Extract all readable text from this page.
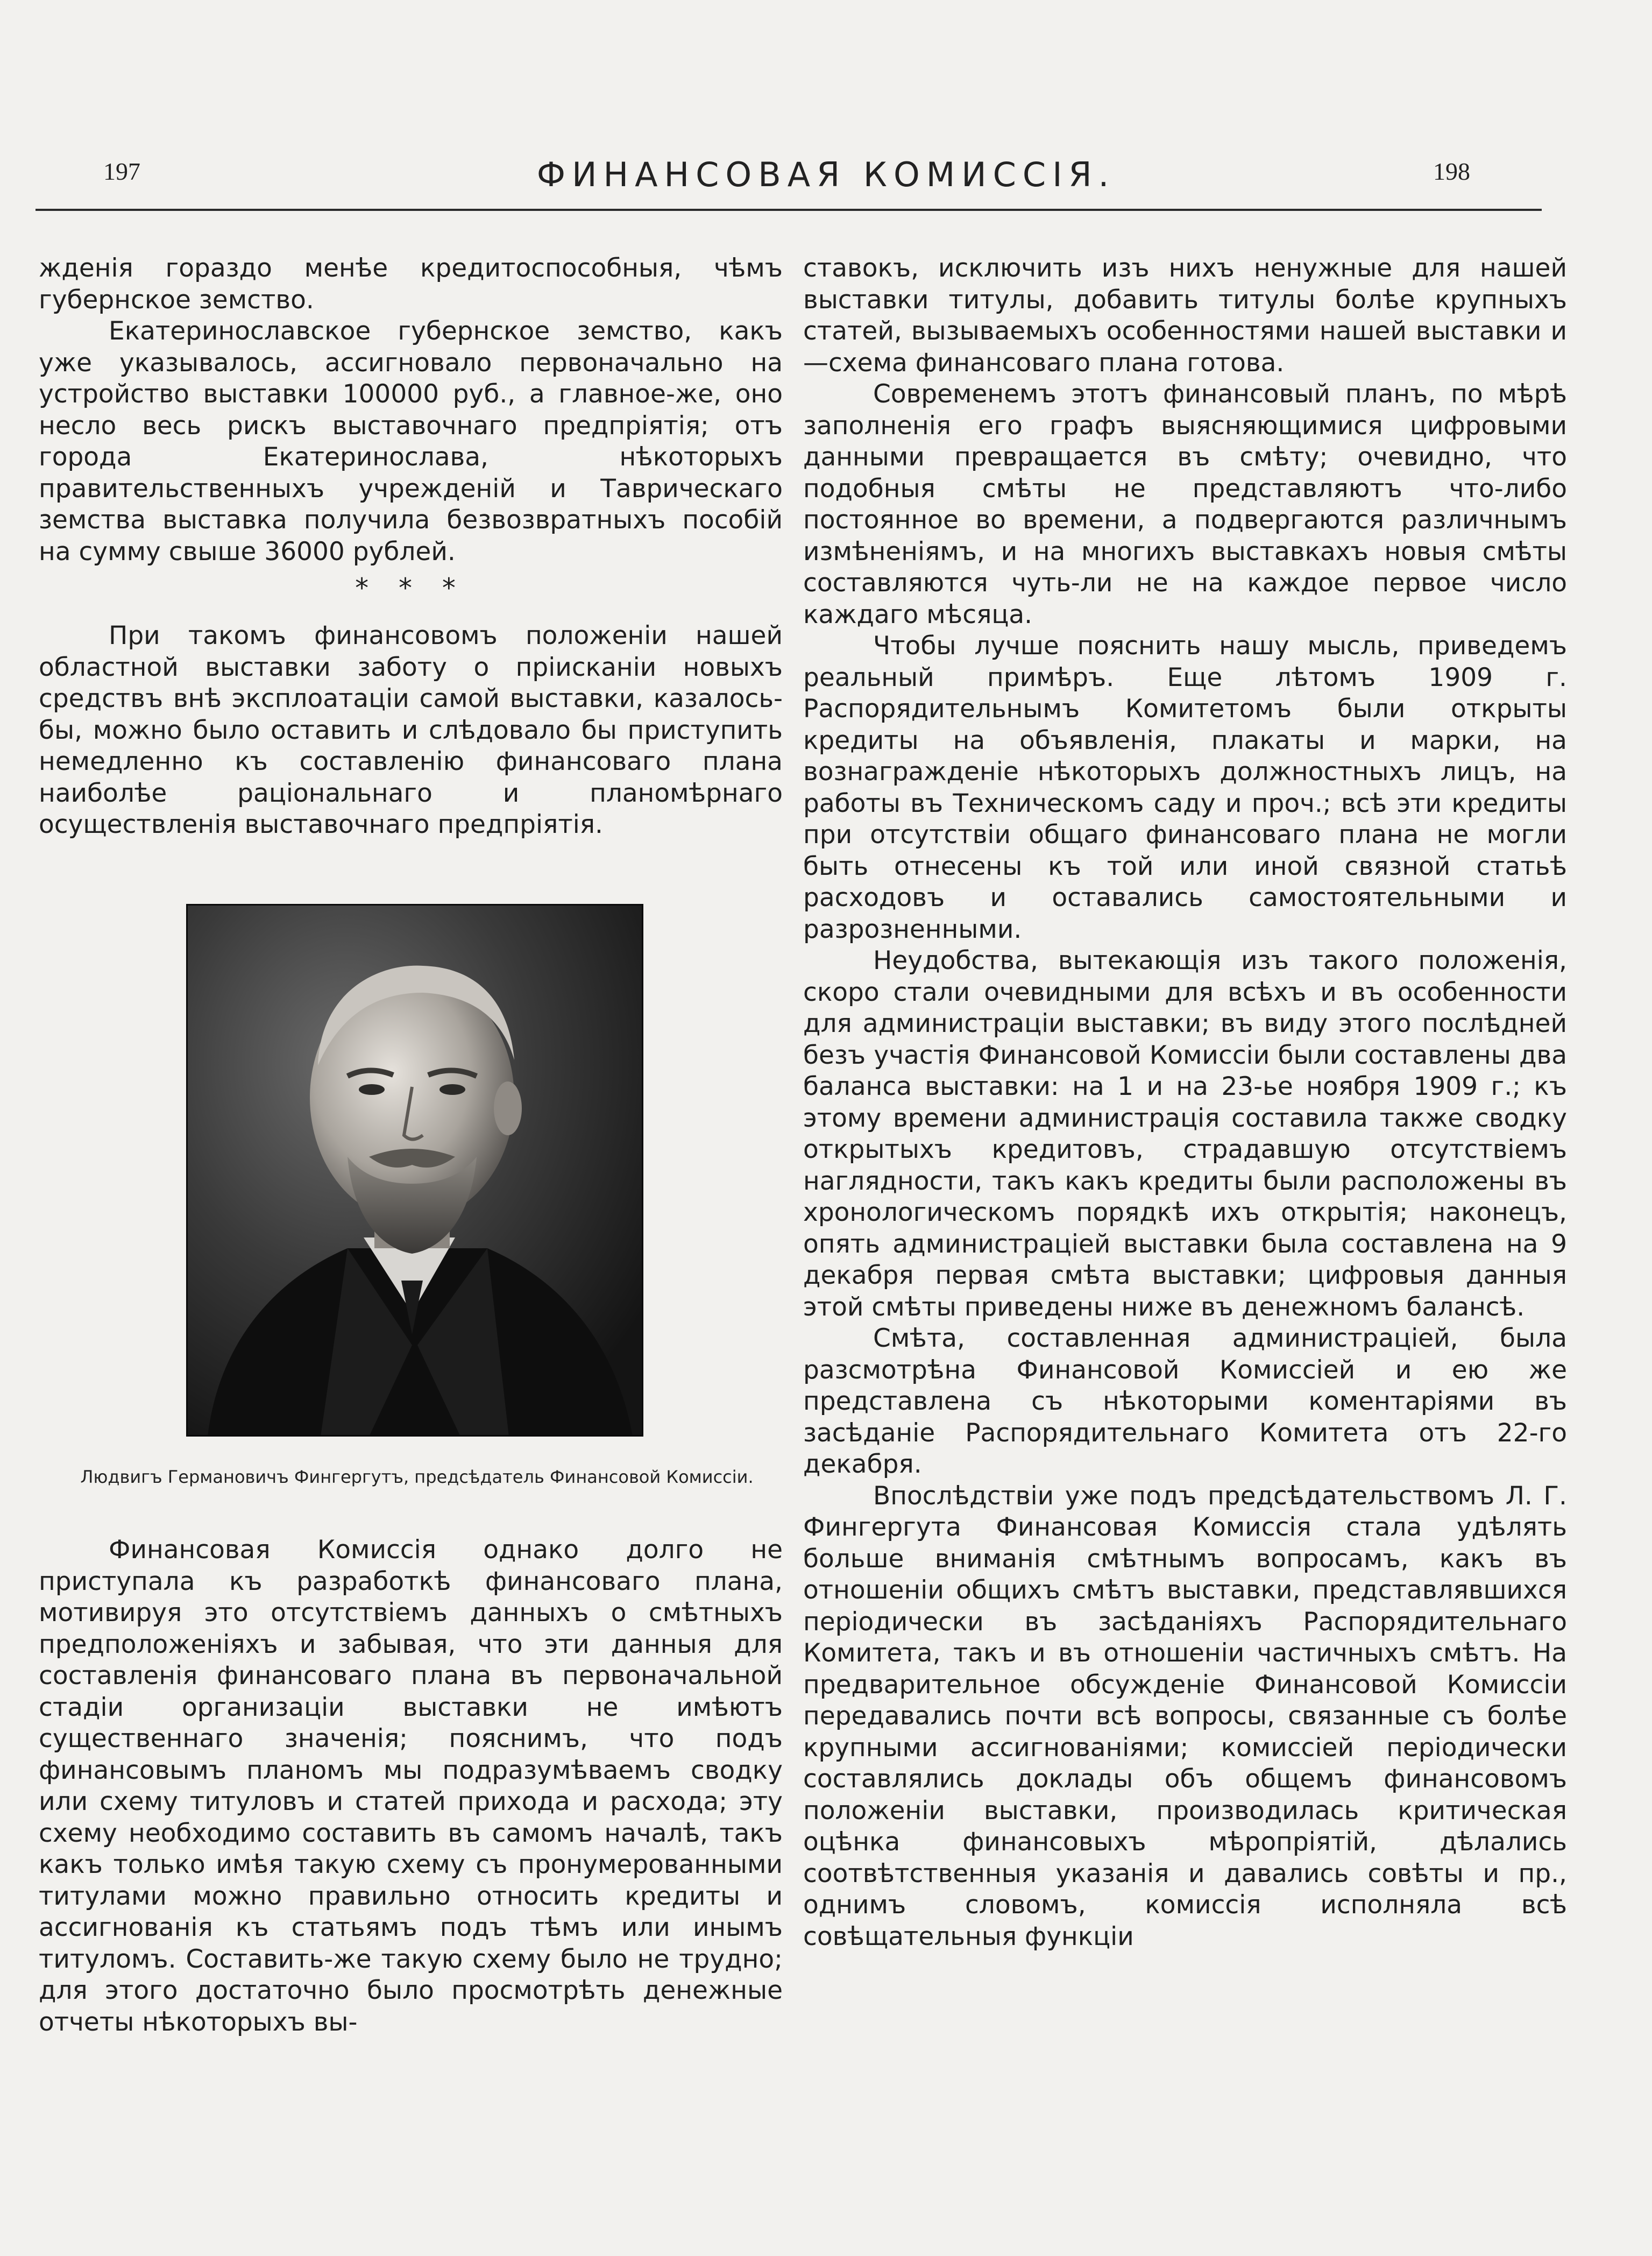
197	ФИНАНСОВАЯ КОМИССІЯ.	198

жденія гораздо менѣе кредитоспособныя, чѣмъ губернское земство.

Екатеринославское губернское земство, какъ уже указывалось, ассигновало первоначально на устройство выставки 100000 руб., а главное-же, оно несло весь рискъ выставочнаго предпріятія; отъ города Екатеринослава, нѣкоторыхъ правительственныхъ учрежденій и Таврическаго земства выставка получила безвозвратныхъ пособій на сумму свыше 36000 рублей.

* * *

При такомъ финансовомъ положеніи нашей областной выставки заботу о прiисканіи новыхъ средствъ внѣ эксплоатаціи самой выставки, казалось-бы, можно было оставить и слѣдовало бы приступить немедленно къ составленію финансоваго плана наиболѣе раціональнаго и планомѣрнаго осуществленія выставочнаго предпріятія.

Людвигъ Германовичъ Фингергутъ, предсѣдатель Финансовой Комиссіи.

Финансовая Комиссія однако долго не приступала къ разработкѣ финансоваго плана, мотивируя это отсутствіемъ данныхъ о смѣтныхъ предположеніяхъ и забывая, что эти данныя для составленія финансоваго плана въ первоначальной стадіи организаціи выставки не имѣютъ существеннаго значенія; пояснимъ, что подъ финансовымъ планомъ мы подразумѣваемъ сводку или схему титуловъ и статей прихода и расхода; эту схему необходимо составить въ самомъ началѣ, такъ какъ только имѣя такую схему съ пронумерованными титулами можно правильно относить кредиты и ассигнованія къ статьямъ подъ тѣмъ или инымъ титуломъ. Составить-же такую схему было не трудно; для этого достаточно было просмотрѣть денежные отчеты нѣкоторыхъ вы-

ставокъ, исключить изъ нихъ ненужные для нашей выставки титулы, добавить титулы болѣе крупныхъ статей, вызываемыхъ особенностями нашей выставки и—схема финансоваго плана готова.

Современемъ этотъ финансовый планъ, по мѣрѣ заполненія его графъ выясняющимися цифровыми данными превращается въ смѣту; очевидно, что подобныя смѣты не представляютъ что-либо постоянное во времени, а подвергаются различнымъ измѣненіямъ, и на многихъ выставкахъ новыя смѣты составляются чуть-ли не на каждое первое число каждаго мѣсяца.

Чтобы лучше пояснить нашу мысль, приведемъ реальный примѣръ. Еще лѣтомъ 1909 г. Распорядительнымъ Комитетомъ были открыты кредиты на объявленія, плакаты и марки, на вознагражденіе нѣкоторыхъ должностныхъ лицъ, на работы въ Техническомъ саду и проч.; всѣ эти кредиты при отсутствіи общаго финансоваго плана не могли быть отнесены къ той или иной связной статьѣ расходовъ и оставались самостоятельными и разрозненными.

Неудобства, вытекающія изъ такого положенія, скоро стали очевидными для всѣхъ и въ особенности для администраціи выставки; въ виду этого послѣдней безъ участія Финансовой Комиссіи были составлены два баланса выставки: на 1 и на 23-ье ноября 1909 г.; къ этому времени администрація составила также сводку открытыхъ кредитовъ, страдавшую отсутствіемъ наглядности, такъ какъ кредиты были расположены въ хронологическомъ порядкѣ ихъ открытія; наконецъ, опять администраціей выставки была составлена на 9 декабря первая смѣта выставки; цифровыя данныя этой смѣты приведены ниже въ денежномъ балансѣ.

Смѣта, составленная администраціей, была разсмотрѣна Финансовой Комиссіей и ею же представлена съ нѣкоторыми коментаріями въ засѣданіе Распорядительнаго Комитета отъ 22-го декабря.

Впослѣдствіи уже подъ предсѣдательствомъ Л. Г. Фингергута Финансовая Комиссія стала удѣлять больше вниманія смѣтнымъ вопросамъ, какъ въ отношеніи общихъ смѣтъ выставки, представлявшихся періодически въ засѣданіяхъ Распорядительнаго Комитета, такъ и въ отношеніи частичныхъ смѣтъ. На предварительное обсужденіе Финансовой Комиссіи передавались почти всѣ вопросы, связанные съ болѣе крупными ассигнованіями; комиссіей періодически составлялись доклады объ общемъ финансовомъ положеніи выставки, производилась критическая оцѣнка финансовыхъ мѣропріятій, дѣлались соотвѣтственныя указанія и давались совѣты и пр., однимъ словомъ, комиссія исполняла всѣ совѣщательныя функціи
